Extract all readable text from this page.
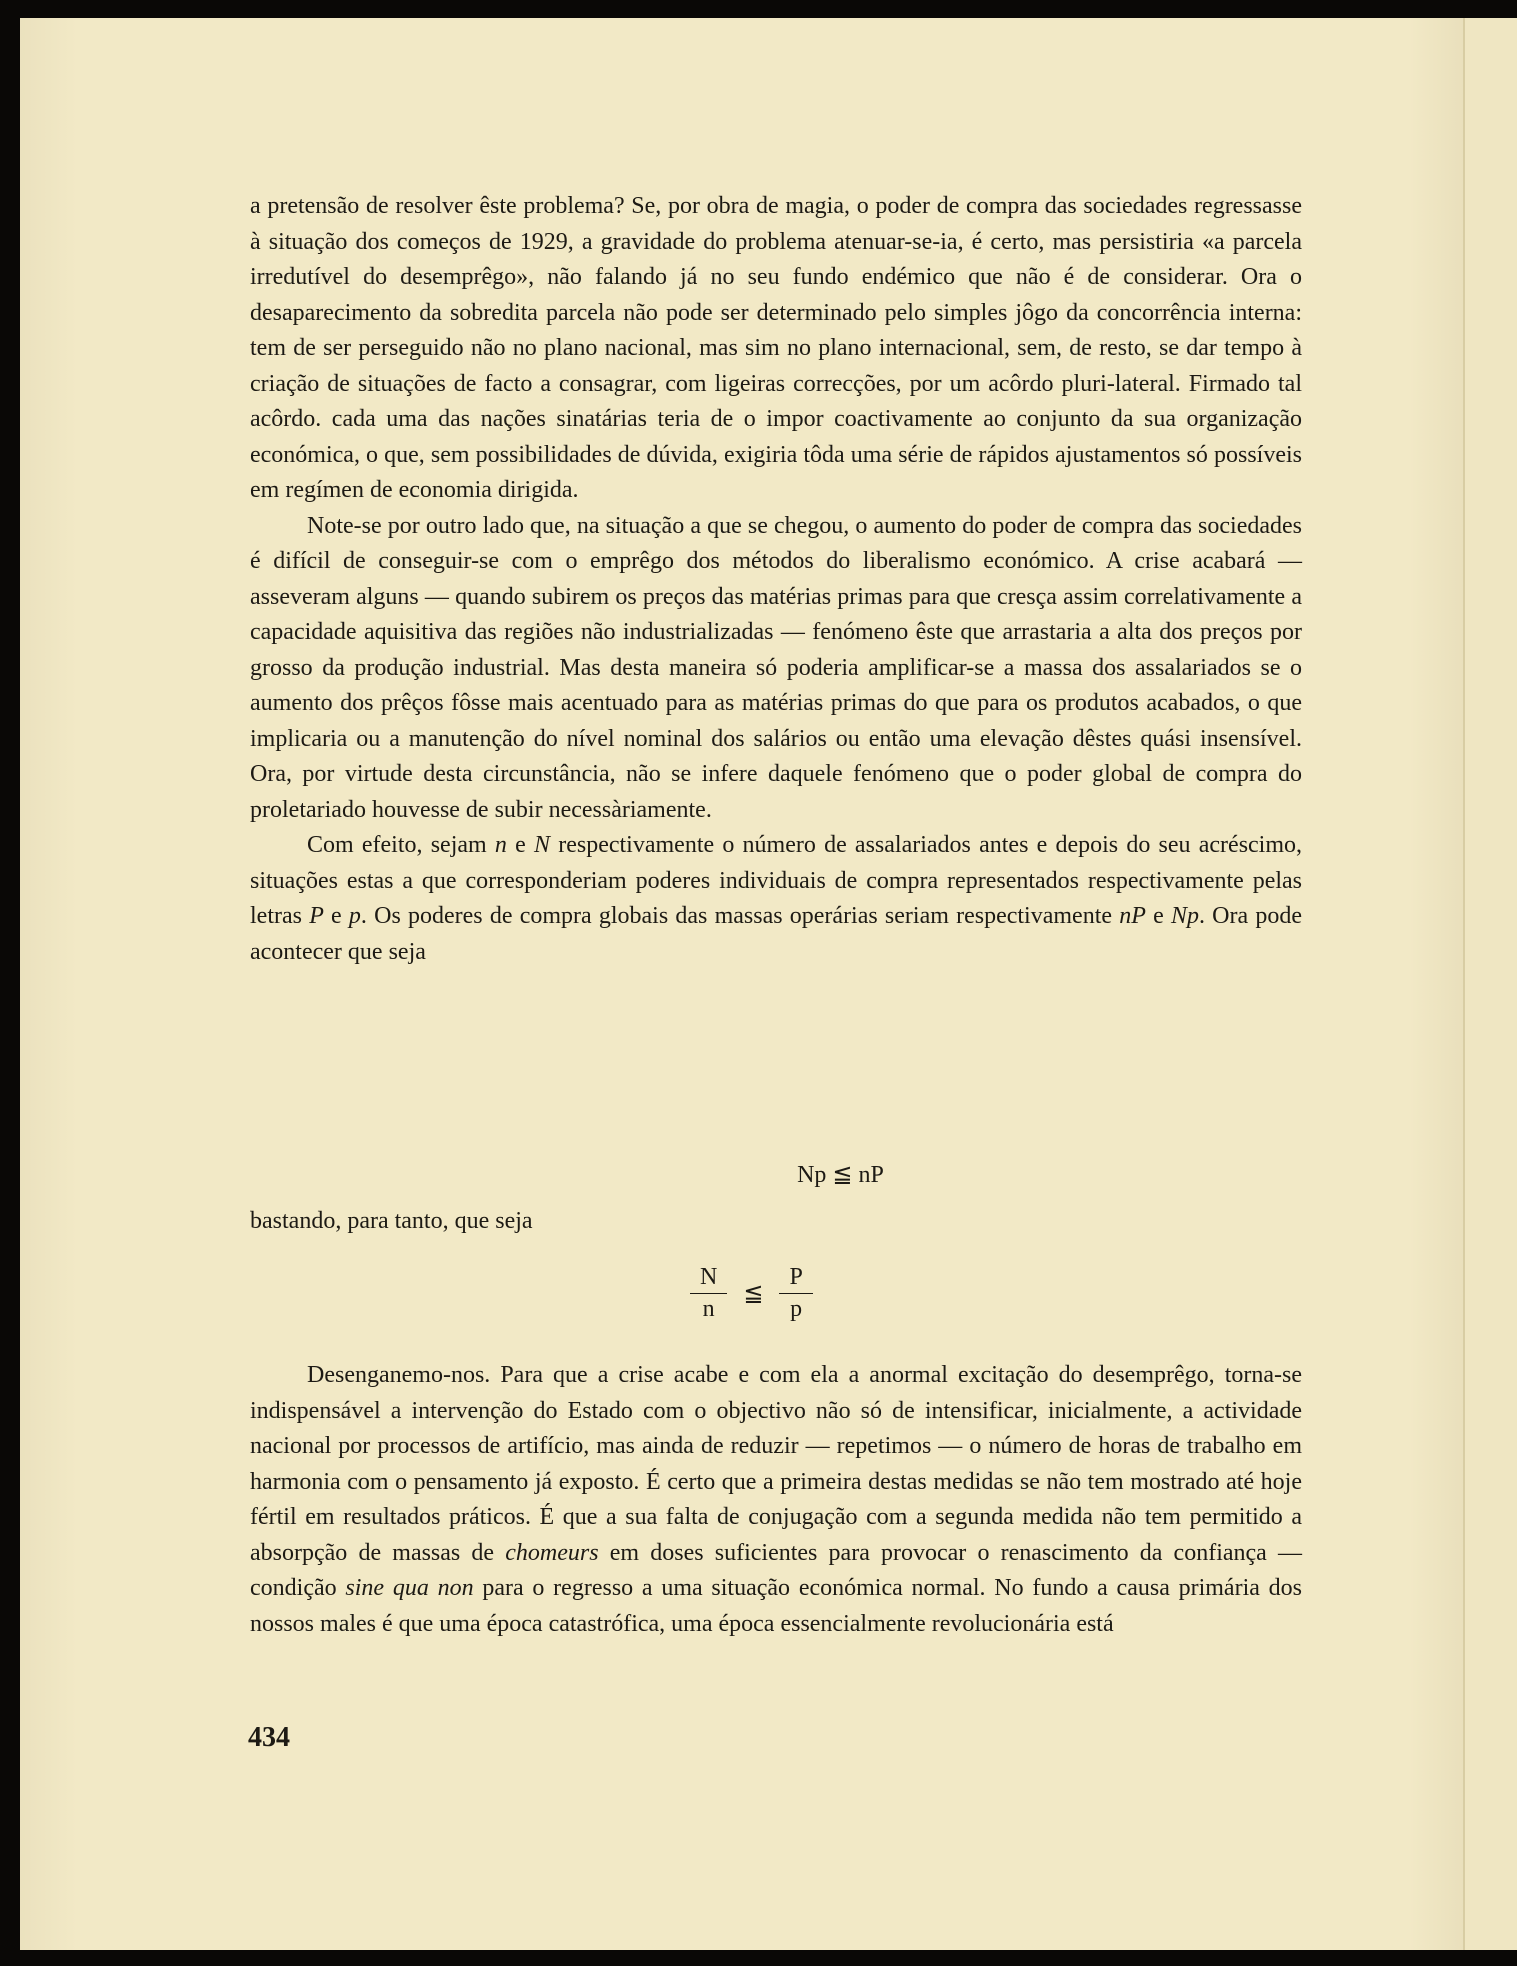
a pretensão de resolver êste problema? Se, por obra de magia, o poder de compra das sociedades regressasse à situação dos começos de 1929, a gravidade do problema atenuar-se-ia, é certo, mas persistiria «a parcela irredutível do desemprêgo», não falando já no seu fundo endémico que não é de considerar. Ora o desaparecimento da sobredita parcela não pode ser determinado pelo simples jôgo da concorrência interna: tem de ser perseguido não no plano nacional, mas sim no plano internacional, sem, de resto, se dar tempo à criação de situações de facto a consagrar, com ligeiras correcções, por um acôrdo pluri-lateral. Firmado tal acôrdo. cada uma das nações sinatárias teria de o impor coactivamente ao conjunto da sua organização económica, o que, sem possibilidades de dúvida, exigiria tôda uma série de rápidos ajustamentos só possíveis em regímen de economia dirigida.

Note-se por outro lado que, na situação a que se chegou, o aumento do poder de compra das sociedades é difícil de conseguir-se com o emprêgo dos métodos do liberalismo económico. A crise acabará — asseveram alguns — quando subirem os preços das matérias primas para que cresça assim correlativamente a capacidade aquisitiva das regiões não industrializadas — fenómeno êste que arrastaria a alta dos preços por grosso da produção industrial. Mas desta maneira só poderia amplificar-se a massa dos assalariados se o aumento dos prêços fôsse mais acentuado para as matérias primas do que para os produtos acabados, o que implicaria ou a manutenção do nível nominal dos salários ou então uma elevação dêstes quási insensível. Ora, por virtude desta circunstância, não se infere daquele fenómeno que o poder global de compra do proletariado houvesse de subir necessàriamente.

Com efeito, sejam n e N respectivamente o número de assalariados antes e depois do seu acréscimo, situações estas a que corresponderiam poderes individuais de compra representados respectivamente pelas letras P e p. Os poderes de compra globais das massas operárias seriam respectivamente nP e Np. Ora pode acontecer que seja

Np ≦ nP
bastando, para tanto, que seja
$\frac{N}{n}$ ≦ $\frac{P}{p}$

Desenganemo-nos. Para que a crise acabe e com ela a anormal excitação do desemprêgo, torna-se indispensável a intervenção do Estado com o objectivo não só de intensificar, inicialmente, a actividade nacional por processos de artifício, mas ainda de reduzir — repetimos — o número de horas de trabalho em harmonia com o pensamento já exposto. É certo que a primeira destas medidas se não tem mostrado até hoje fértil em resultados práticos. É que a sua falta de conjugação com a segunda medida não tem permitido a absorpção de massas de chomeurs em doses suficientes para provocar o renascimento da confiança — condição sine qua non para o regresso a uma situação económica normal. No fundo a causa primária dos nossos males é que uma época catastrófica, uma época essencialmente revolucionária está

434
